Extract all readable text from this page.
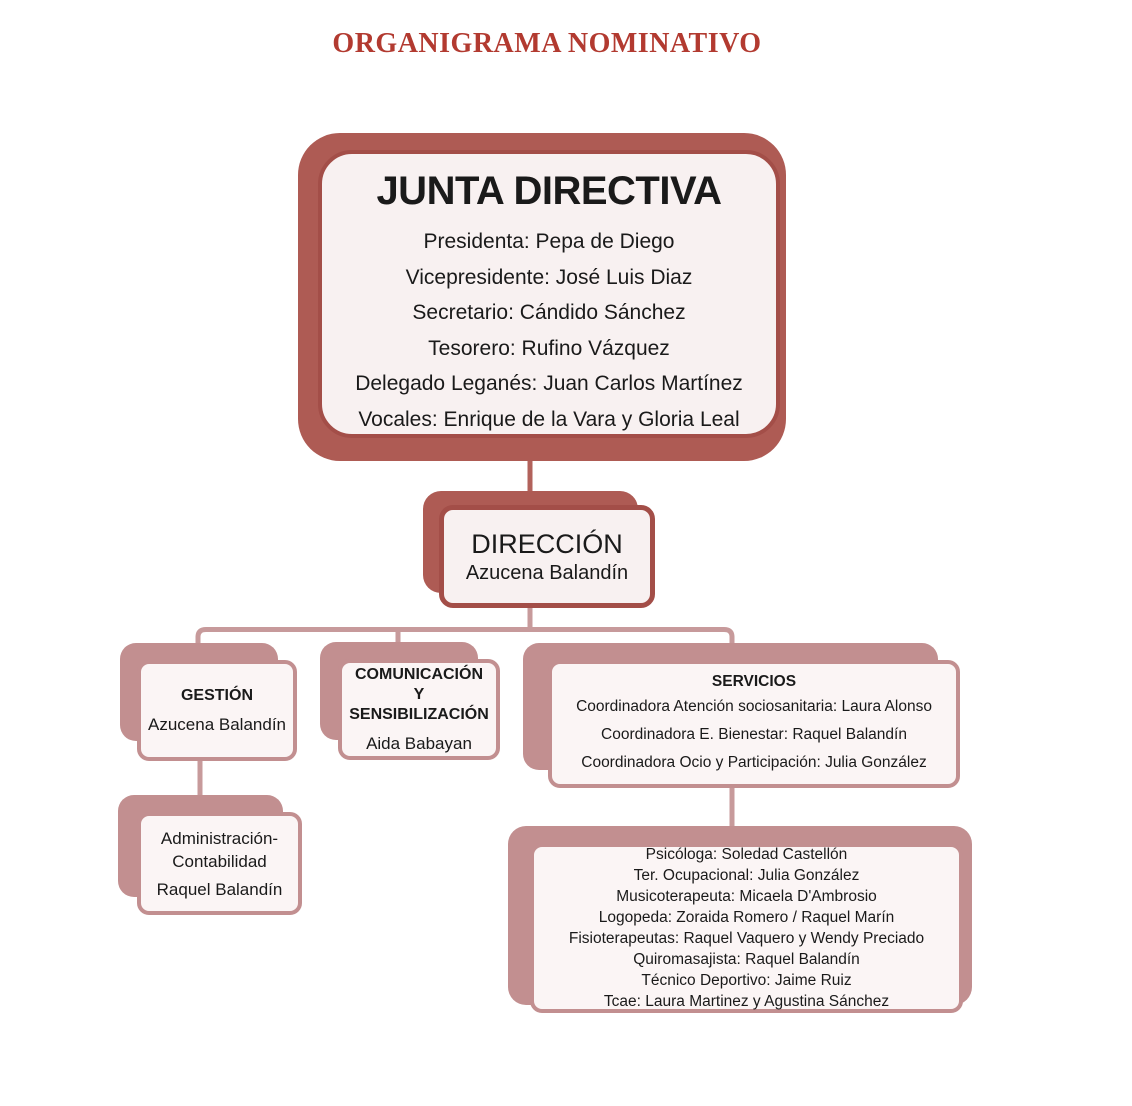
ORGANIGRAMA NOMINATIVO
JUNTA DIRECTIVA
Presidenta: Pepa de Diego
Vicepresidente: José Luis Diaz
Secretario: Cándido Sánchez
Tesorero: Rufino Vázquez
Delegado Leganés: Juan Carlos Martínez
Vocales: Enrique de la Vara y Gloria Leal
DIRECCIÓN
Azucena Balandín
GESTIÓN
Azucena Balandín
COMUNICACIÓN Y SENSIBILIZACIÓN
Aida Babayan
SERVICIOS
Coordinadora Atención sociosanitaria: Laura Alonso
Coordinadora E. Bienestar: Raquel Balandín
Coordinadora Ocio y Participación: Julia González
Administración-Contabilidad
Raquel Balandín
Psicóloga: Soledad Castellón
Ter. Ocupacional: Julia González
Musicoterapeuta: Micaela D'Ambrosio
Logopeda: Zoraida Romero / Raquel Marín
Fisioterapeutas: Raquel Vaquero y Wendy Preciado
Quiromasajista: Raquel Balandín
Técnico Deportivo: Jaime Ruiz
Tcae: Laura Martinez y Agustina Sánchez
